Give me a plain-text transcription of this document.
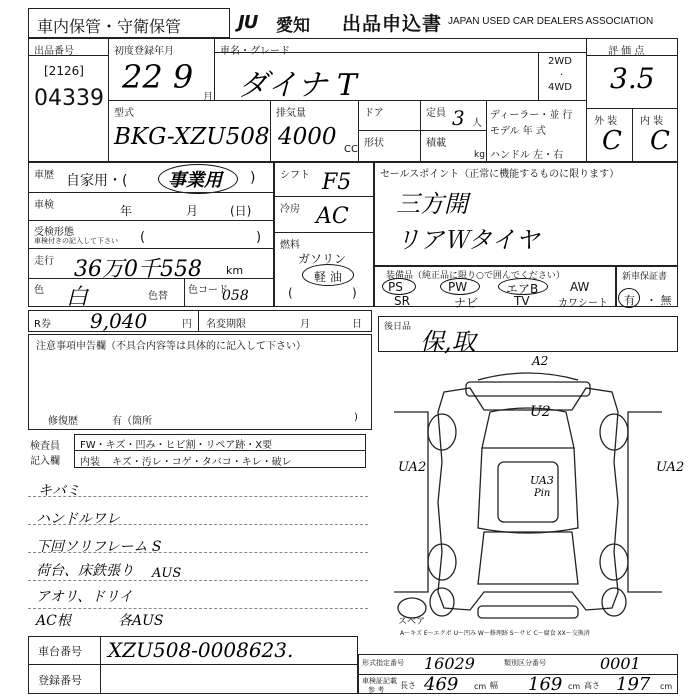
車内保管・守衛保管	JU 愛知 出品申込書 JAPAN USED CAR DEALERS ASSOCIATION
出品番号
[2126]
04339
初度登録年月
22 9
月
車名・グレード
ダイナ T
2WD
·
4WD
評 価 点
3.5
外 装 内 装
C C
型式
BKG-XZU508
排気量
4000 CC
ドア
形状
定員 3 人
積載
kg
ディーラー・並 行
モデル 年 式
ハンドル 左・右
車歴 自家用・( 事業用 )
車検	年	月	(日)
受検形態
車検付きの記入して下さい (	)
走行 36万0千558 km
色 白	色替
色コード
058
シフト F5
冷房 AC
燃料
ガソリン
軽 油
(	)
セールスポイント（正常に機能するものに限ります）
三方開
リアＷタイヤ
装備品（純正品に限り○で囲んでください）
PS	PW	エアB	AW
SR	ナビ	TV	カワシート
新車保証書
有 ・ 無
R券 9,040	円 名変期限	月	日 後日品
保,取
注意事項申告欄（不具合内容等は具体的に記入して下さい）
修復歴	有（箇所	)
検査員
記入欄
FW・キズ・凹み・ヒビ割・リペア跡・X要
内装 キズ・汚レ・コゲ・タバコ・キレ・破レ
キバミ
ハンドルワレ
下回ソリフレーム S
荷台、床鉄張り AUS
アオリ、ドリイ
AC根	各AUS
A2
U2
UA2	UA2
UA3
Pin
スペア
A～キズ E～エクボ U～凹み W～修理跡 S～サビ C～腐食 XX～交換済
車台番号 XZU508-0008623.
登録番号
形式指定番号 16029	類別区分番号	0001
車検証記載
参 考 長さ 469 cm 幅 169 cm 高さ 197 cm
